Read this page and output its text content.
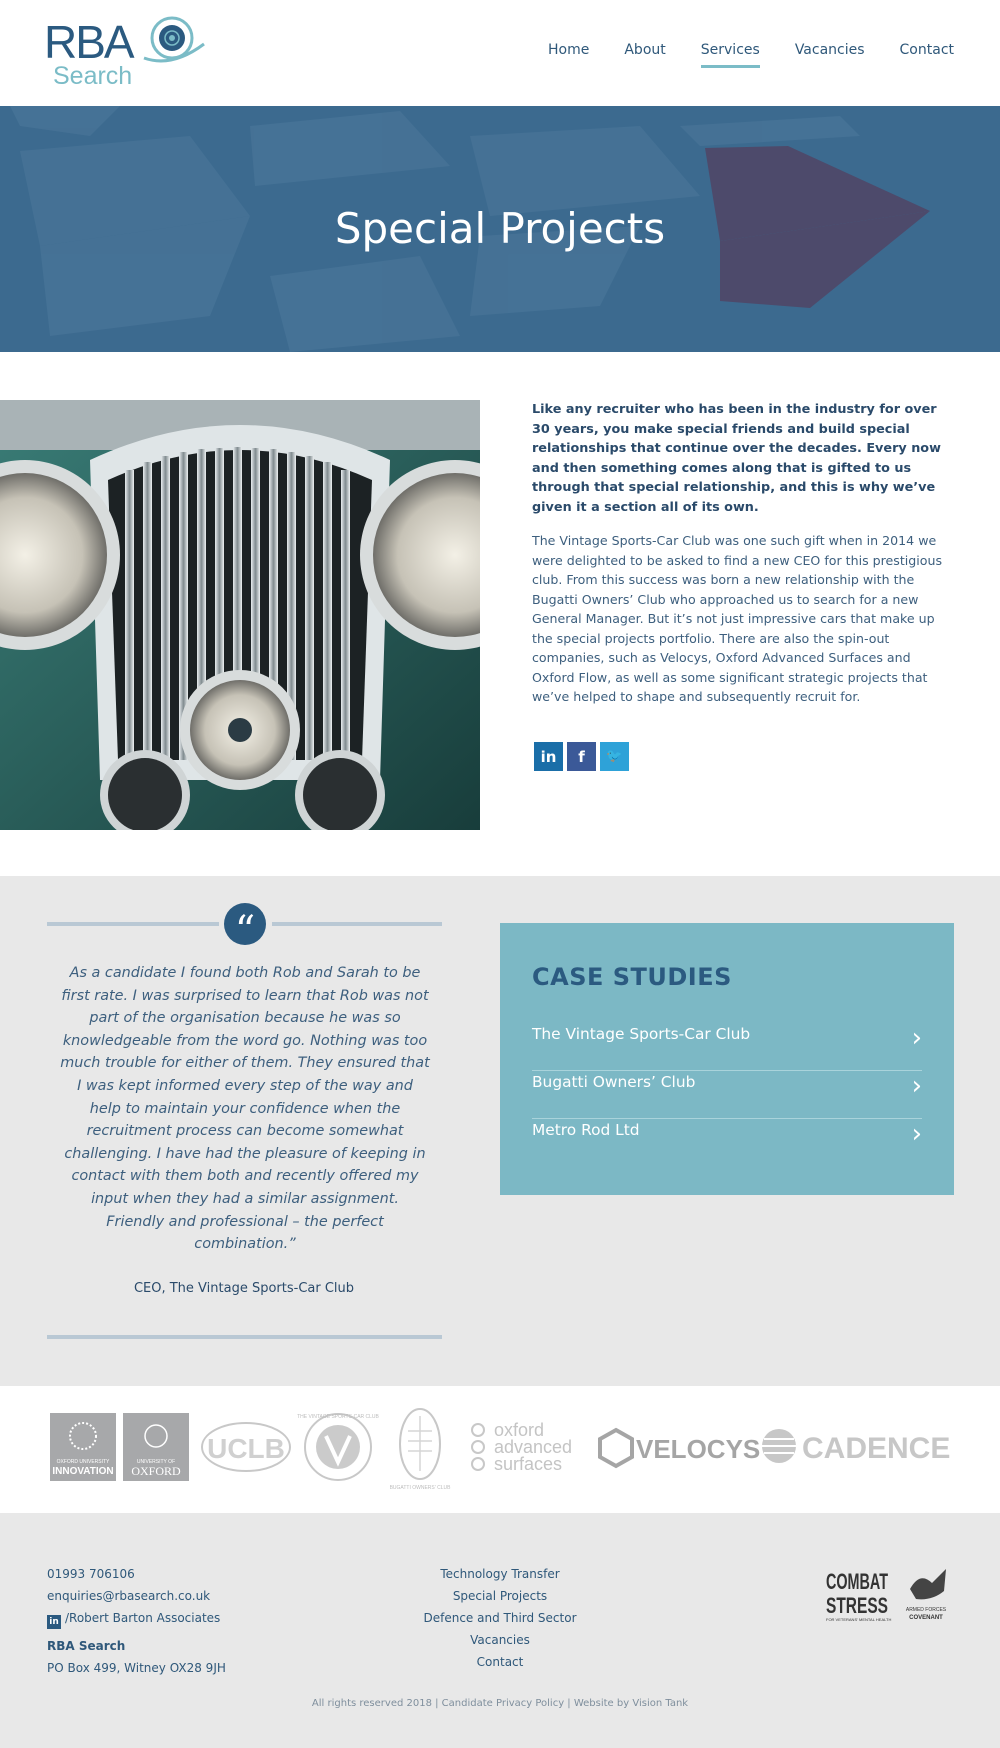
RBA
Search
Home	About	Services	Vacancies	Contact
Special Projects

Like any recruiter who has been in the industry for over 30 years, you make special friends and build special relationships that continue over the decades. Every now and then something comes along that is gifted to us through that special relationship, and this is why we’ve given it a section all of its own.

The Vintage Sports-Car Club was one such gift when in 2014 we were delighted to be asked to find a new CEO for this prestigious club. From this success was born a new relationship with the Bugatti Owners’ Club who approached us to search for a new General Manager. But it’s not just impressive cars that make up the special projects portfolio. There are also the spin-out companies, such as Velocys, Oxford Advanced Surfaces and Oxford Flow, as well as some significant strategic projects that we’ve helped to shape and subsequently recruit for.

in	f	🐦
“

As a candidate I found both Rob and Sarah to be first rate. I was surprised to learn that Rob was not part of the organisation because he was so knowledgeable from the word go. Nothing was too much trouble for either of them. They ensured that I was kept informed every step of the way and help to maintain your confidence when the recruitment process can become somewhat challenging. I have had the pleasure of keeping in contact with them both and recently offered my input when they had a similar assignment. Friendly and professional – the perfect combination.”

CEO, The Vintage Sports-Car Club

CASE STUDIES
The Vintage Sports-Car Club	›
Bugatti Owners’ Club	›
Metro Rod Ltd	›
OXFORD UNIVERSITY
INNOVATION
UNIVERSITY OF
OXFORD
UCLB
THE VINTAGE SPORTS-CAR CLUB
BUGATTI OWNERS' CLUB
oxford
advanced
surfaces	VELOCYS CADENCE
01993 706106
enquiries@rbasearch.co.uk
in /Robert Barton Associates
RBA Search
PO Box 499, Witney OX28 9JH
Technology Transfer
Special Projects
Defence and Third Sector
Vacancies
Contact
COMBAT
STRESS
FOR VETERANS' MENTAL HEALTH
ARMED FORCES
COVENANT
All rights reserved 2018 | Candidate Privacy Policy | Website by Vision Tank
